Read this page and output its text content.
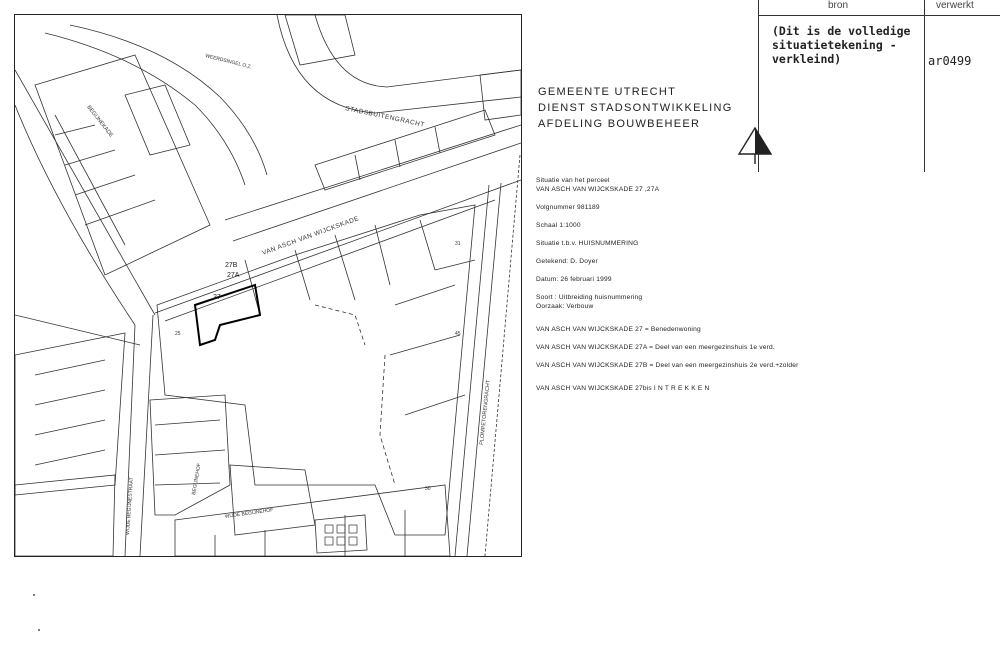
bron	verwerkt
(Dit is de volledige
situatietekening -
verkleind)	ar0499
STADSBUITENGRACHT
VAN ASCH VAN WIJCKSKADE
BEGIJNEKADE
WEERDSINGEL O.Z.
PLOMPETORENGRACHT
WIJDE BEGIJNESTRAAT	BEGIJNEHOF
WIJDE BEGIJNEHOF
27B
27A
27
25
31
45
30
GEMEENTE UTRECHT
DIENST STADSONTWIKKELING
AFDELING BOUWBEHEER
Situatie van het perceel
VAN ASCH VAN WIJCKSKADE 27 ,27A
Volgnummer 981189
Schaal 1:1000
Situatie t.b.v. HUISNUMMERING
Getekend: D. Doyer
Datum: 26 februari 1999
Soort : Uitbreiding huisnummering
Oorzaak: Verbouw
VAN ASCH VAN WIJCKSKADE 27 = Benedenwoning
VAN ASCH VAN WIJCKSKADE 27A = Deel van een meergezinshuis 1e verd.
VAN ASCH VAN WIJCKSKADE 27B = Deel van een meergezinshuis 2e verd.+zolder
VAN ASCH VAN WIJCKSKADE 27bis I N T R E K K E N
